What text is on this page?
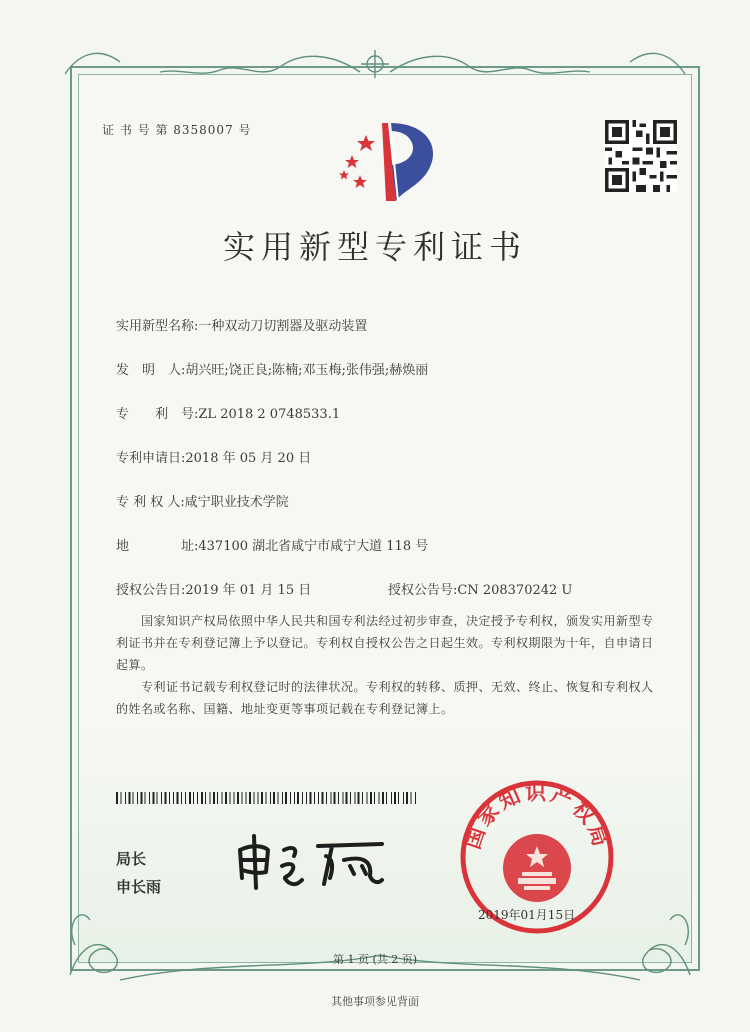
证 书 号 第 8358007 号
实用新型专利证书
实用新型名称:一种双动刀切割器及驱动装置
发　明　人:胡兴旺;饶正良;陈楠;邓玉梅;张伟强;赫焕丽
专　　利　号:ZL 2018 2 0748533.1
专利申请日:2018 年 05 月 20 日
专 利 权 人:咸宁职业技术学院
地　　　　址:437100 湖北省咸宁市咸宁大道 118 号
授权公告日:2019 年 01 月 15 日	授权公告号:CN 208370242 U
　　国家知识产权局依照中华人民共和国专利法经过初步审查，决定授予专利权，颁发实用新型专利证书并在专利登记簿上予以登记。专利权自授权公告之日起生效。专利权期限为十年，自申请日起算。
　　专利证书记载专利权登记时的法律状况。专利权的转移、质押、无效、终止、恢复和专利权人的姓名或名称、国籍、地址变更等事项记载在专利登记簿上。
局长
申长雨
国家知识产权局
2019年01月15日
第 1 页 (共 2 页)
其他事项参见背面
